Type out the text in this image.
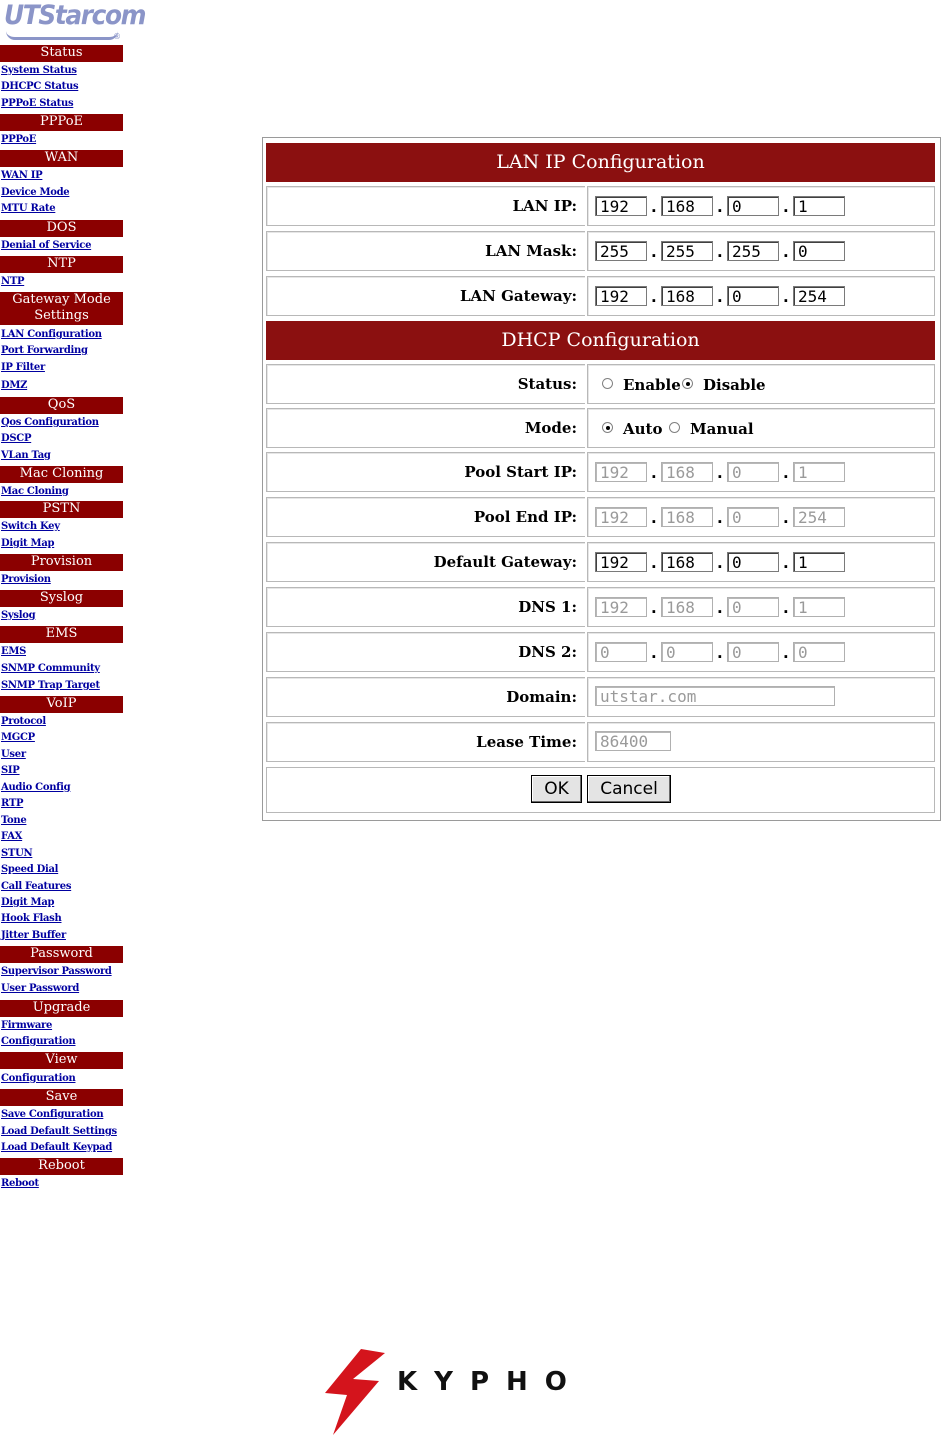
UTStarcom
®
Status
System Status
DHCPC Status
PPPoE Status
PPPoE
PPPoE
WAN
WAN IP
Device Mode
MTU Rate
DOS
Denial of Service
NTP
NTP
Gateway Mode Settings
LAN Configuration
Port Forwarding
IP Filter
DMZ
QoS
Qos Configuration
DSCP
VLan Tag
Mac Cloning
Mac Cloning
PSTN
Switch Key
Digit Map
Provision
Provision
Syslog
Syslog
EMS
EMS
SNMP Community
SNMP Trap Target
VoIP
Protocol
MGCP
User
SIP
Audio Config
RTP
Tone
FAX
STUN
Speed Dial
Call Features
Digit Map
Hook Flash
Jitter Buffer
Password
Supervisor Password
User Password
Upgrade
Firmware
Configuration
View
Configuration
Save
Save Configuration
Load Default Settings
Load Default Keypad
Reboot
Reboot
LAN IP Configuration
LAN IP:
192	.
168	.
0	.
1
LAN Mask:
255	.
255	.
255	.
0
LAN Gateway:
192	.
168	.
0	.
254
DHCP Configuration
Status:	Enable Disable
Mode:	Auto Manual
Pool Start IP:
192	.
168	.
0	.
1
Pool End IP:
192	.
168	.
0	.
254
Default Gateway:
192	.
168	.
0	.
1
DNS 1:
192	.
168	.
0	.
1
DNS 2:
0	.
0	.
0	.
0
Domain:
utstar.com
Lease Time:
86400
OK	Cancel
KYPHO
